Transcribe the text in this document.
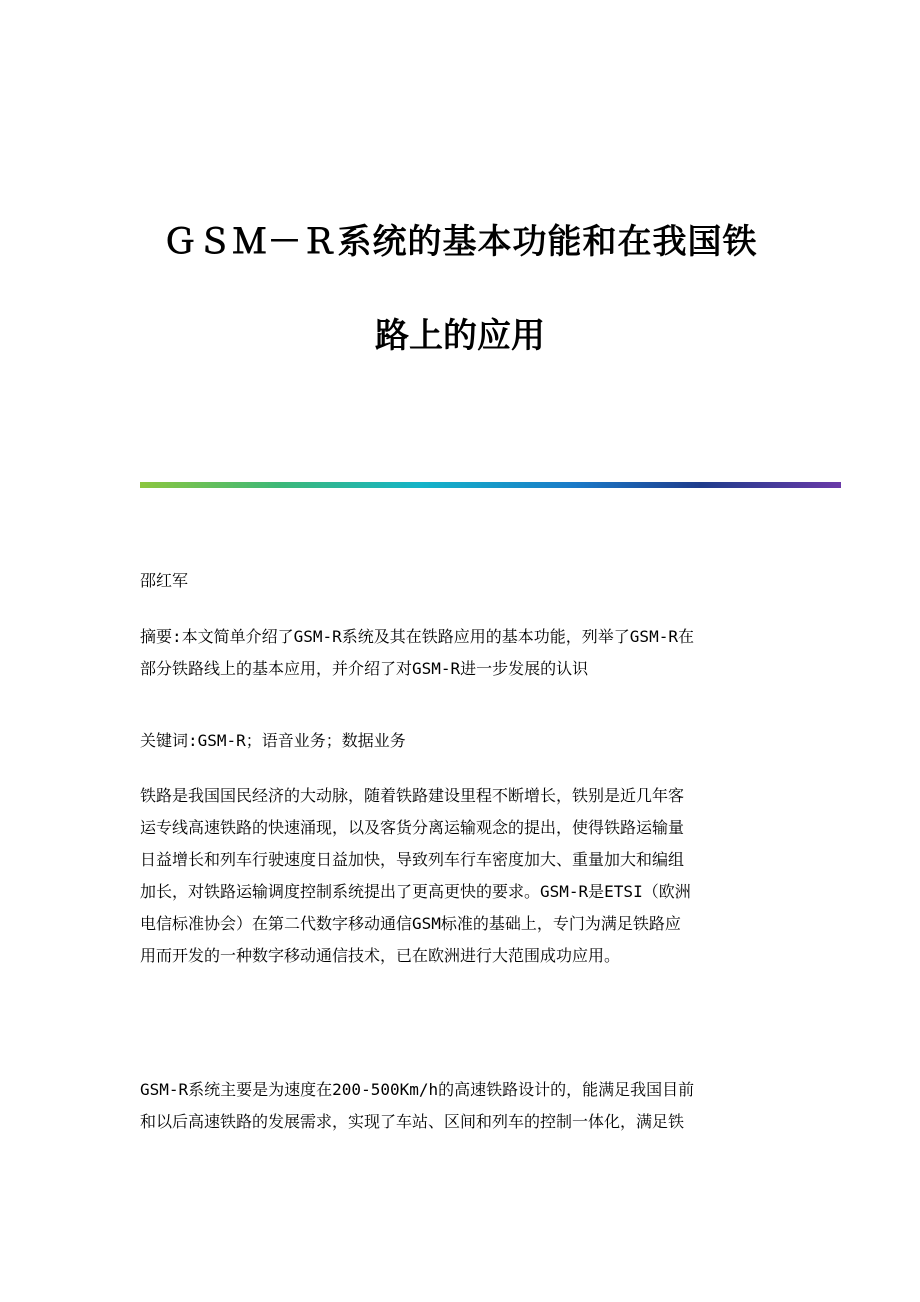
ＧＳＭ－Ｒ系统的基本功能和在我国铁
路上的应用

邵红军

摘要:本文简单介绍了GSM-R系统及其在铁路应用的基本功能，列举了GSM-R在
部分铁路线上的基本应用，并介绍了对GSM-R进一步发展的认识

关键词:GSM-R；语音业务；数据业务

铁路是我国国民经济的大动脉，随着铁路建设里程不断增长，铁别是近几年客
运专线高速铁路的快速涌现，以及客货分离运输观念的提出，使得铁路运输量
日益增长和列车行驶速度日益加快，导致列车行车密度加大、重量加大和编组
加长，对铁路运输调度控制系统提出了更高更快的要求。GSM-R是ETSI（欧洲
电信标准协会）在第二代数字移动通信GSM标准的基础上，专门为满足铁路应
用而开发的一种数字移动通信技术，已在欧洲进行大范围成功应用。
GSM-R系统主要是为速度在200-500Km/h的高速铁路设计的，能满足我国目前
和以后高速铁路的发展需求，实现了车站、区间和列车的控制一体化，满足铁
